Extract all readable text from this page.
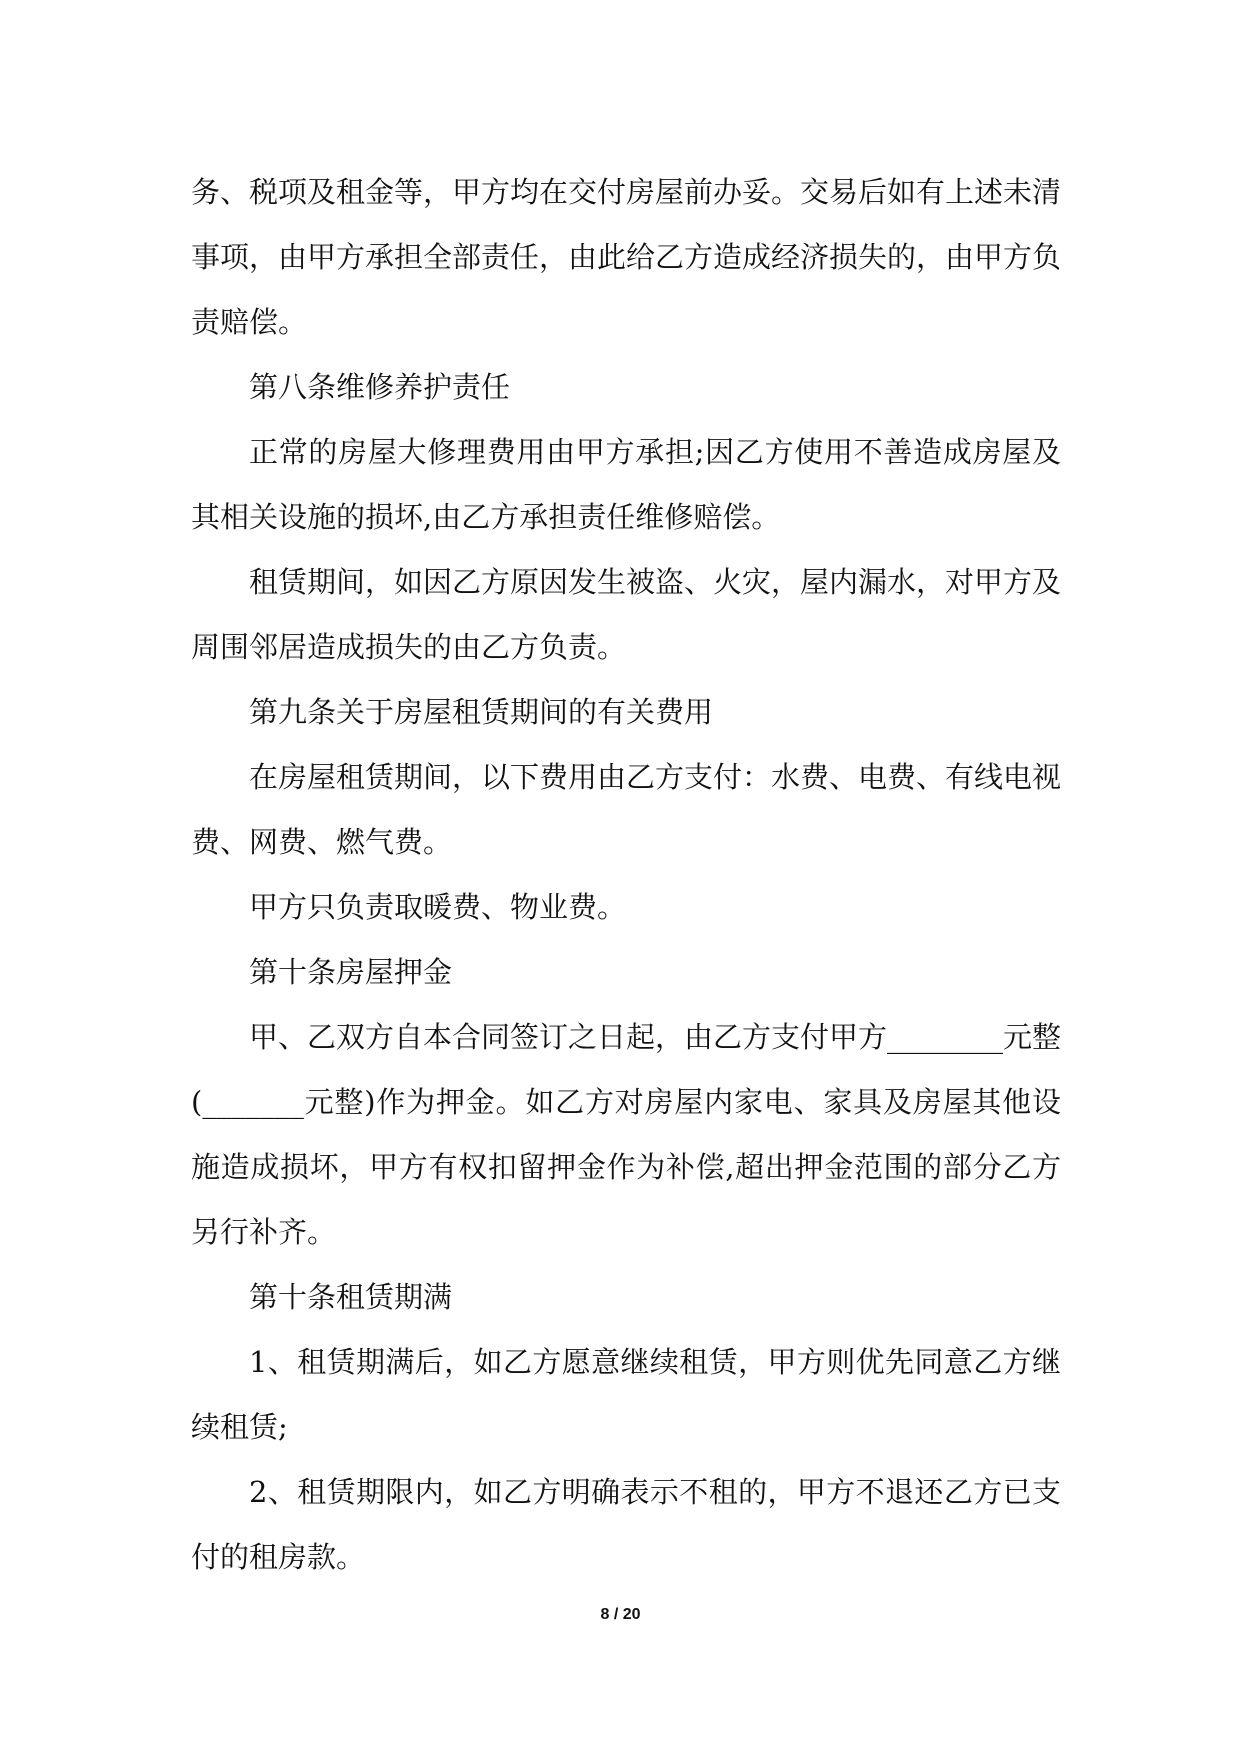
务、税项及租金等，甲方均在交付房屋前办妥。交易后如有上述未清事项，由甲方承担全部责任，由此给乙方造成经济损失的，由甲方负责赔偿。

第八条维修养护责任

正常的房屋大修理费用由甲方承担;因乙方使用不善造成房屋及其相关设施的损坏,由乙方承担责任维修赔偿。

租赁期间，如因乙方原因发生被盗、火灾，屋内漏水，对甲方及周围邻居造成损失的由乙方负责。

第九条关于房屋租赁期间的有关费用

在房屋租赁期间，以下费用由乙方支付：水费、电费、有线电视费、网费、燃气费。

甲方只负责取暖费、物业费。

第十条房屋押金

甲、乙双方自本合同签订之日起，由乙方支付甲方________元整(_______元整)作为押金。如乙方对房屋内家电、家具及房屋其他设施造成损坏，甲方有权扣留押金作为补偿,超出押金范围的部分乙方另行补齐。

第十条租赁期满

1、租赁期满后，如乙方愿意继续租赁，甲方则优先同意乙方继续租赁;

2、租赁期限内，如乙方明确表示不租的，甲方不退还乙方已支付的租房款。

8 / 20
